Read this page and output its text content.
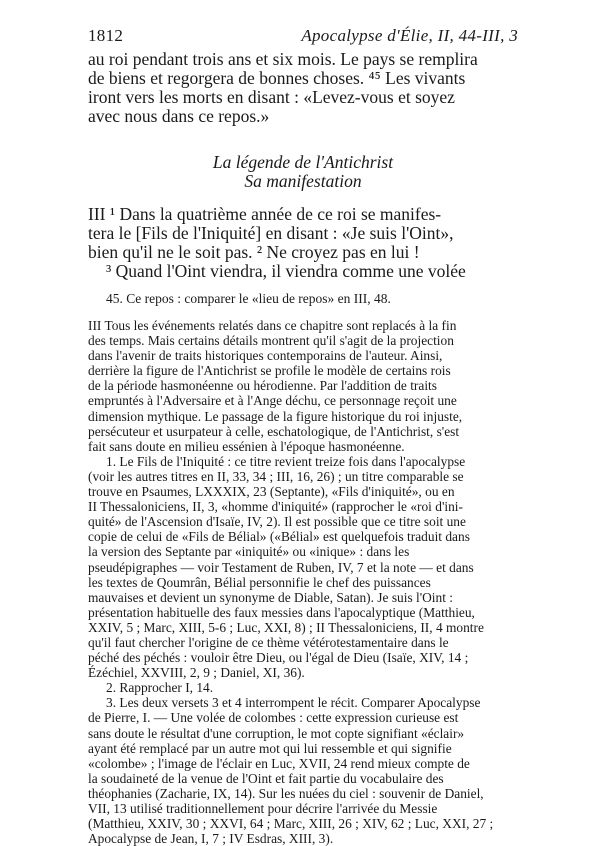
1812	Apocalypse d'Élie, II, 44-III, 3
au roi pendant trois ans et six mois. Le pays se remplira
de biens et regorgera de bonnes choses. ⁴⁵ Les vivants
iront vers les morts en disant : «Levez-vous et soyez
avec nous dans ce repos.»
La légende de l'Antichrist
Sa manifestation
III ¹ Dans la quatrième année de ce roi se manifes-
tera le [Fils de l'Iniquité] en disant : «Je suis l'Oint»,
bien qu'il ne le soit pas. ² Ne croyez pas en lui !
³ Quand l'Oint viendra, il viendra comme une volée
45. Ce repos : comparer le «lieu de repos» en III, 48.
III Tous les événements relatés dans ce chapitre sont replacés à la fin
des temps. Mais certains détails montrent qu'il s'agit de la projection
dans l'avenir de traits historiques contemporains de l'auteur. Ainsi,
derrière la figure de l'Antichrist se profile le modèle de certains rois
de la période hasmonéenne ou hérodienne. Par l'addition de traits
empruntés à l'Adversaire et à l'Ange déchu, ce personnage reçoit une
dimension mythique. Le passage de la figure historique du roi injuste,
persécuteur et usurpateur à celle, eschatologique, de l'Antichrist, s'est
fait sans doute en milieu essénien à l'époque hasmonéenne.
1. Le Fils de l'Iniquité : ce titre revient treize fois dans l'apocalypse
(voir les autres titres en II, 33, 34 ; III, 16, 26) ; un titre comparable se
trouve en Psaumes, LXXXIX, 23 (Septante), «Fils d'iniquité», ou en
II Thessaloniciens, II, 3, «homme d'iniquité» (rapprocher le «roi d'ini-
quité» de l'Ascension d'Isaïe, IV, 2). Il est possible que ce titre soit une
copie de celui de «Fils de Bélial» («Bélial» est quelquefois traduit dans
la version des Septante par «iniquité» ou «inique» : dans les
pseudépigraphes — voir Testament de Ruben, IV, 7 et la note — et dans
les textes de Qoumrân, Bélial personnifie le chef des puissances
mauvaises et devient un synonyme de Diable, Satan). Je suis l'Oint :
présentation habituelle des faux messies dans l'apocalyptique (Matthieu,
XXIV, 5 ; Marc, XIII, 5-6 ; Luc, XXI, 8) ; II Thessaloniciens, II, 4 montre
qu'il faut chercher l'origine de ce thème vétérotestamentaire dans le
péché des péchés : vouloir être Dieu, ou l'égal de Dieu (Isaïe, XIV, 14 ;
Ézéchiel, XXVIII, 2, 9 ; Daniel, XI, 36).
2. Rapprocher I, 14.
3. Les deux versets 3 et 4 interrompent le récit. Comparer Apocalypse
de Pierre, I. — Une volée de colombes : cette expression curieuse est
sans doute le résultat d'une corruption, le mot copte signifiant «éclair»
ayant été remplacé par un autre mot qui lui ressemble et qui signifie
«colombe» ; l'image de l'éclair en Luc, XVII, 24 rend mieux compte de
la soudaineté de la venue de l'Oint et fait partie du vocabulaire des
théophanies (Zacharie, IX, 14). Sur les nuées du ciel : souvenir de Daniel,
VII, 13 utilisé traditionnellement pour décrire l'arrivée du Messie
(Matthieu, XXIV, 30 ; XXVI, 64 ; Marc, XIII, 26 ; XIV, 62 ; Luc, XXI, 27 ;
Apocalypse de Jean, I, 7 ; IV Esdras, XIII, 3).
